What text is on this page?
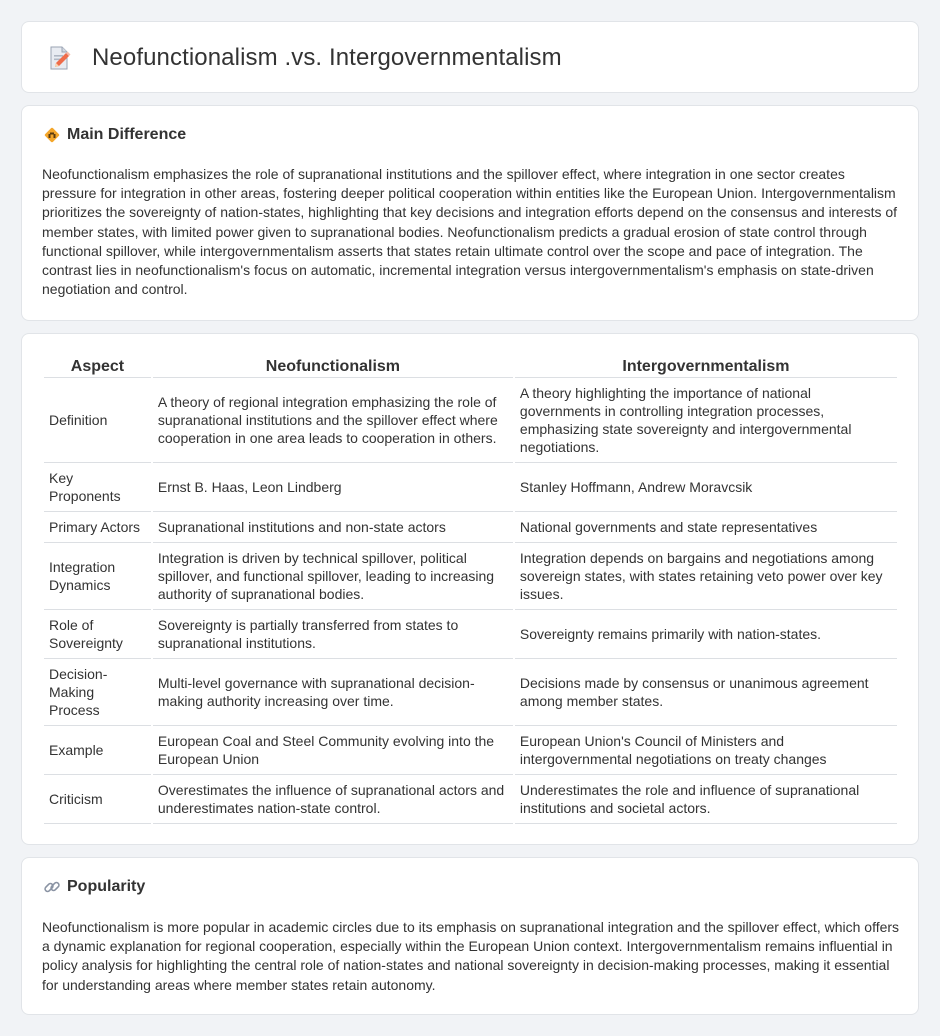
Neofunctionalism .vs. Intergovernmentalism
Main Difference

Neofunctionalism emphasizes the role of supranational institutions and the spillover effect, where integration in one sector creates pressure for integration in other areas, fostering deeper political cooperation within entities like the European Union. Intergovernmentalism prioritizes the sovereignty of nation-states, highlighting that key decisions and integration efforts depend on the consensus and interests of member states, with limited power given to supranational bodies. Neofunctionalism predicts a gradual erosion of state control through functional spillover, while intergovernmentalism asserts that states retain ultimate control over the scope and pace of integration. The contrast lies in neofunctionalism's focus on automatic, incremental integration versus intergovernmentalism's emphasis on state-driven negotiation and control.

Aspect	Neofunctionalism	Intergovernmentalism
Definition	A theory of regional integration emphasizing the role of supranational institutions and the spillover effect where cooperation in one area leads to cooperation in others.	A theory highlighting the importance of national governments in controlling integration processes, emphasizing state sovereignty and intergovernmental negotiations.
Key Proponents	Ernst B. Haas, Leon Lindberg	Stanley Hoffmann, Andrew Moravcsik
Primary Actors	Supranational institutions and non-state actors	National governments and state representatives
Integration Dynamics	Integration is driven by technical spillover, political spillover, and functional spillover, leading to increasing authority of supranational bodies.	Integration depends on bargains and negotiations among sovereign states, with states retaining veto power over key issues.
Role of Sovereignty	Sovereignty is partially transferred from states to supranational institutions.	Sovereignty remains primarily with nation-states.
Decision-Making Process	Multi-level governance with supranational decision-making authority increasing over time.	Decisions made by consensus or unanimous agreement among member states.
Example	European Coal and Steel Community evolving into the European Union	European Union's Council of Ministers and intergovernmental negotiations on treaty changes
Criticism	Overestimates the influence of supranational actors and underestimates nation-state control.	Underestimates the role and influence of supranational institutions and societal actors.
Popularity

Neofunctionalism is more popular in academic circles due to its emphasis on supranational integration and the spillover effect, which offers a dynamic explanation for regional cooperation, especially within the European Union context. Intergovernmentalism remains influential in policy analysis for highlighting the central role of nation-states and national sovereignty in decision-making processes, making it essential for understanding areas where member states retain autonomy.
